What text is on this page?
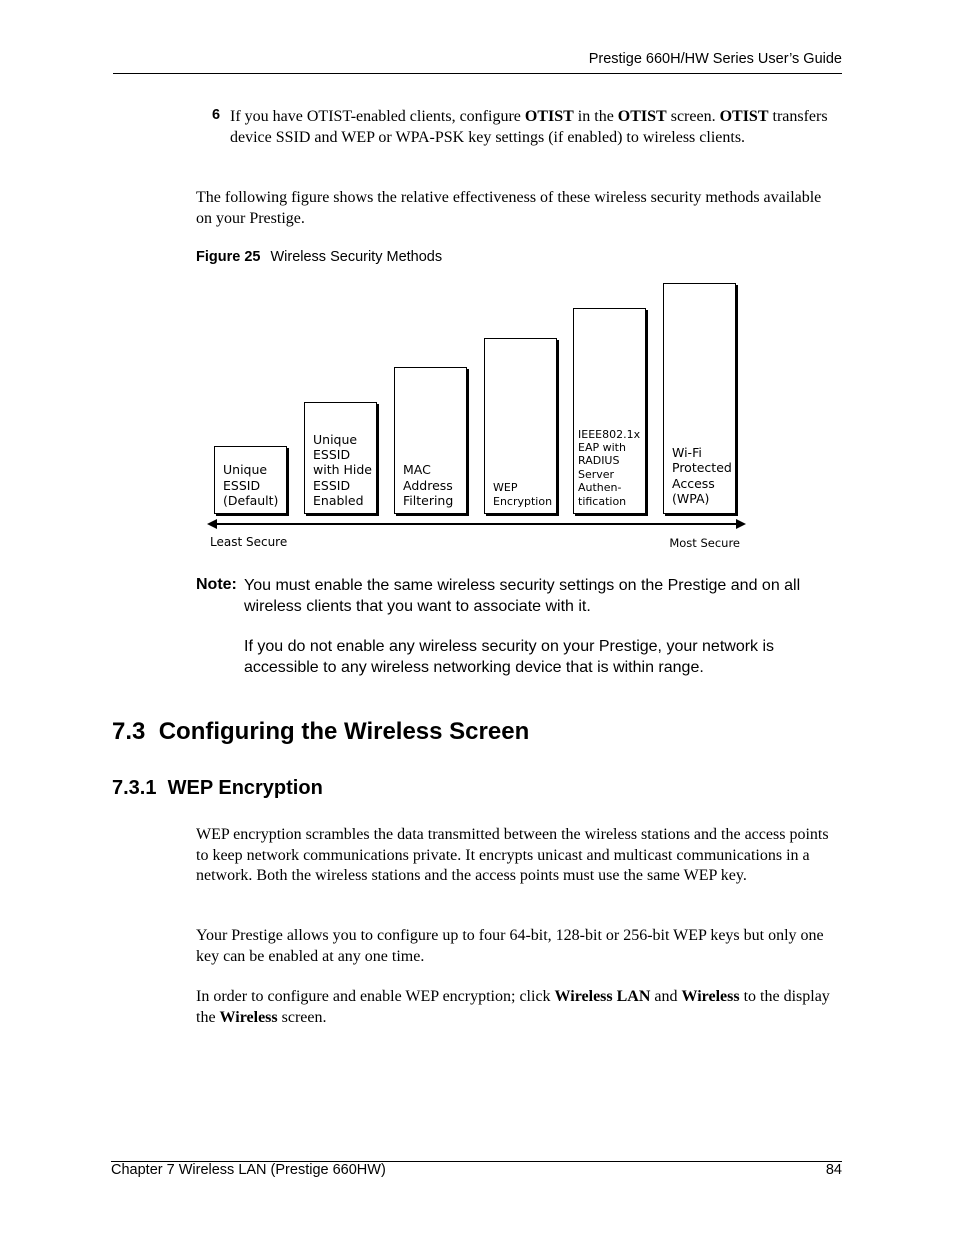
Prestige 660H/HW Series User’s Guide
6 If you have OTIST-enabled clients, configure OTIST in the OTIST screen. OTIST transfers device SSID and WEP or WPA-PSK key settings (if enabled) to wireless clients.
The following figure shows the relative effectiveness of these wireless security methods available on your Prestige.
Figure 25 Wireless Security Methods
Unique ESSID (Default)
Unique ESSID with Hide ESSID Enabled
MAC Address Filtering
WEP Encryption
IEEE802.1x EAP with RADIUS Server Authen- tification
Wi-Fi Protected Access (WPA)
Least Secure	Most Secure
Note: You must enable the same wireless security settings on the Prestige and on all wireless clients that you want to associate with it.
If you do not enable any wireless security on your Prestige, your network is accessible to any wireless networking device that is within range.
7.3  Configuring the Wireless Screen
7.3.1  WEP Encryption
WEP encryption scrambles the data transmitted between the wireless stations and the access points to keep network communications private. It encrypts unicast and multicast communications in a network. Both the wireless stations and the access points must use the same WEP key.
Your Prestige allows you to configure up to four 64-bit, 128-bit or 256-bit WEP keys but only one key can be enabled at any one time.
In order to configure and enable WEP encryption; click Wireless LAN and Wireless to the display the Wireless screen.
Chapter 7 Wireless LAN (Prestige 660HW)	84
